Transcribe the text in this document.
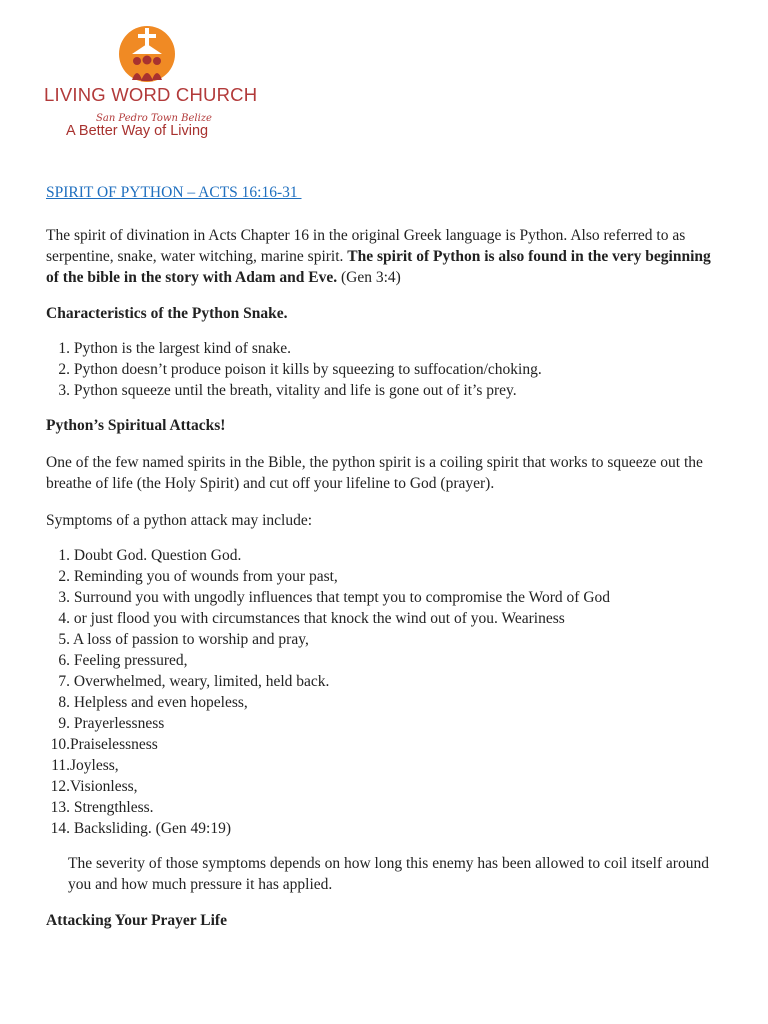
LIVING WORD CHURCH
San Pedro Town Belize
A Better Way of Living
SPIRIT OF PYTHON – ACTS 16:16-31
The spirit of divination in Acts Chapter 16 in the original Greek language is Python. Also referred to as serpentine, snake, water witching, marine spirit. The spirit of Python is also found in the very beginning of the bible in the story with Adam and Eve. (Gen 3:4)
Characteristics of the Python Snake.
1. Python is the largest kind of snake.
2. Python doesn’t produce poison it kills by squeezing to suffocation/choking.
3. Python squeeze until the breath, vitality and life is gone out of it’s prey.
Python’s Spiritual Attacks!
One of the few named spirits in the Bible, the python spirit is a coiling spirit that works to squeeze out the breathe of life (the Holy Spirit) and cut off your lifeline to God (prayer).
Symptoms of a python attack may include:
1. Doubt God. Question God.
2. Reminding you of wounds from your past,
3. Surround you with ungodly influences that tempt you to compromise the Word of God
4. or just flood you with circumstances that knock the wind out of you. Weariness
5. A loss of passion to worship and pray,
6. Feeling pressured,
7. Overwhelmed, weary, limited, held back.
8. Helpless and even hopeless,
9. Prayerlessness
10.Praiselessness
11.Joyless,
12.Visionless,
13. Strengthless.
14. Backsliding. (Gen 49:19)
The severity of those symptoms depends on how long this enemy has been allowed to coil itself around you and how much pressure it has applied.
Attacking Your Prayer Life
